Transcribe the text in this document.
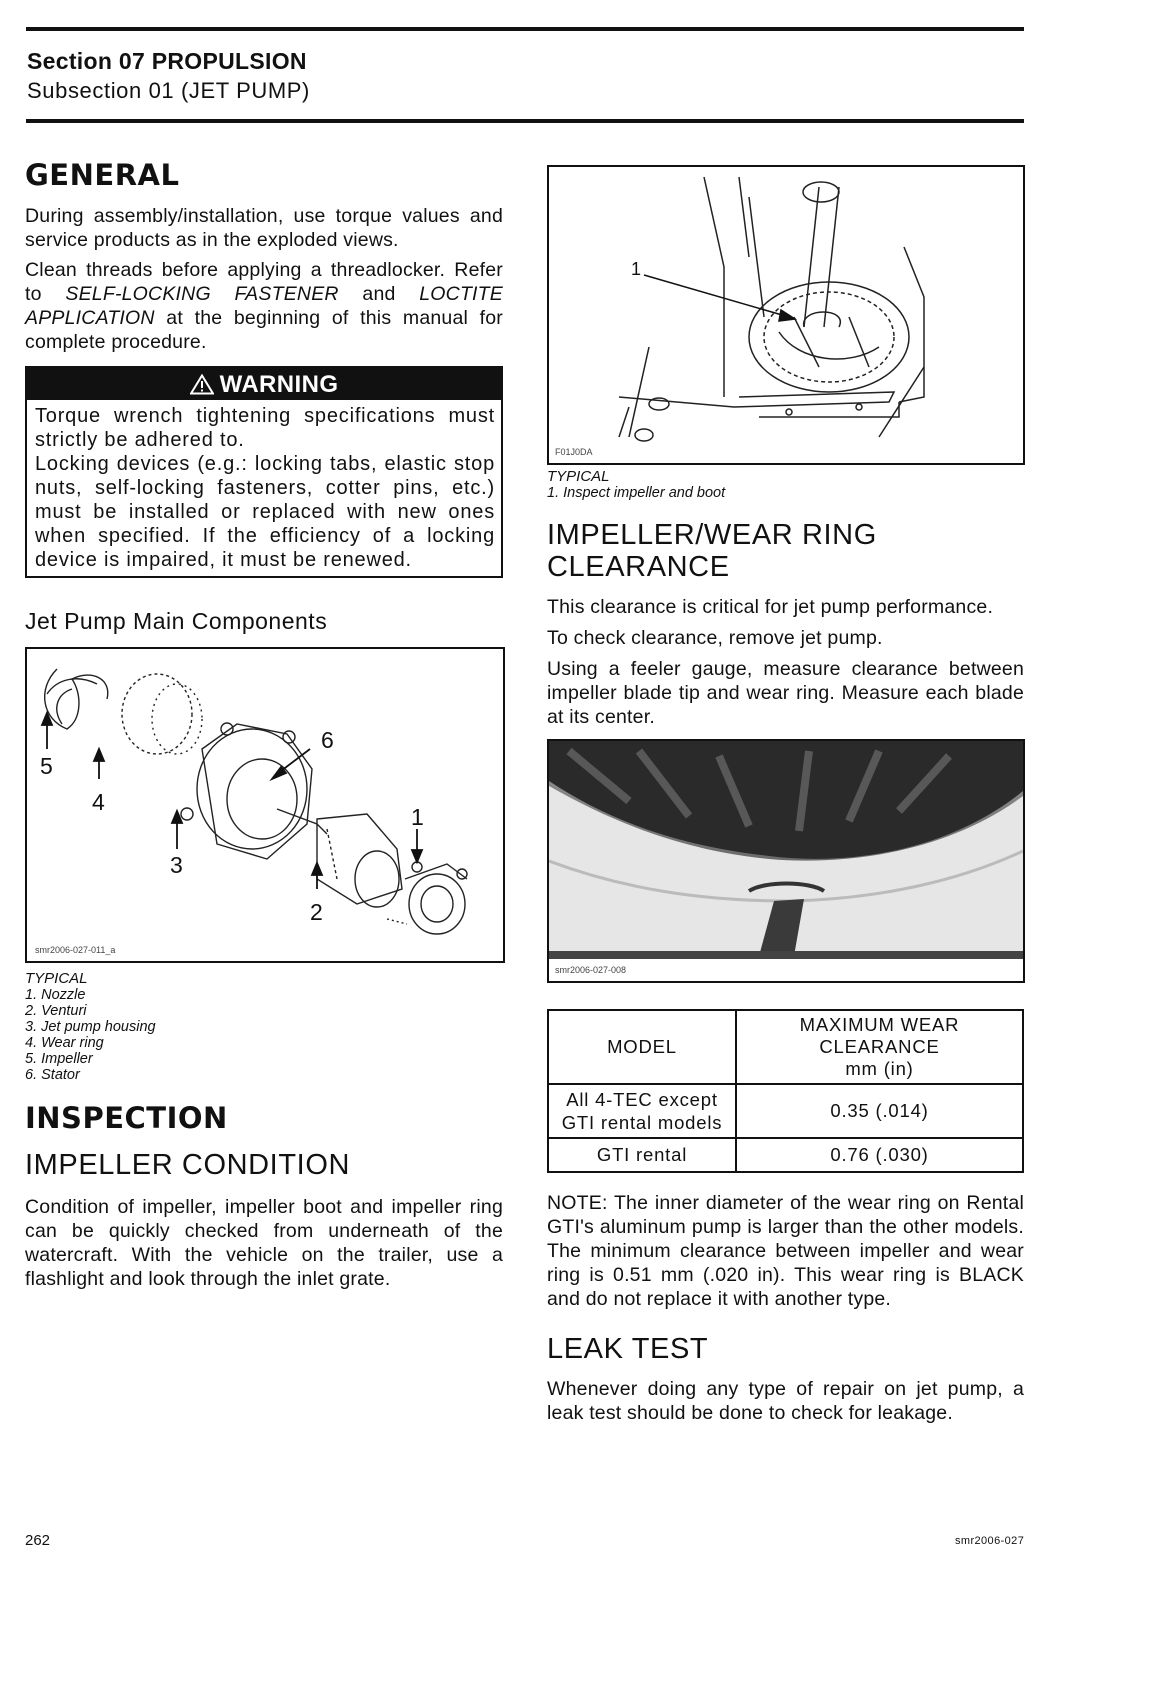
Section 07 PROPULSION
Subsection 01 (JET PUMP)
GENERAL

During assembly/installation, use torque values and service products as in the exploded views.

Clean threads before applying a threadlocker. Refer to SELF-LOCKING FASTENER and LOCTITE APPLICATION at the beginning of this manual for complete procedure.

WARNING
Torque wrench tightening specifications must strictly be adhered to.
Locking devices (e.g.: locking tabs, elastic stop nuts, self-locking fasteners, cotter pins, etc.) must be installed or replaced with new ones when specified. If the efficiency of a locking device is impaired, it must be renewed.
Jet Pump Main Components
1
2
3
4
5
6
smr2006-027-011_a
TYPICAL
1. Nozzle
2. Venturi
3. Jet pump housing
4. Wear ring
5. Impeller
6. Stator
INSPECTION
IMPELLER CONDITION

Condition of impeller, impeller boot and impeller ring can be quickly checked from underneath of the watercraft. With the vehicle on the trailer, use a flashlight and look through the inlet grate.

1
F01J0DA
TYPICAL
1. Inspect impeller and boot
IMPELLER/WEAR RING CLEARANCE

This clearance is critical for jet pump performance.

To check clearance, remove jet pump.

Using a feeler gauge, measure clearance between impeller blade tip and wear ring. Measure each blade at its center.

smr2006-027-008
MODEL	MAXIMUM WEAR
CLEARANCE
mm (in)

All 4-TEC except
GTI rental models	0.35 (.014)
GTI rental	0.76 (.030)

NOTE: The inner diameter of the wear ring on Rental GTI's aluminum pump is larger than the other models. The minimum clearance between impeller and wear ring is 0.51 mm (.020 in). This wear ring is BLACK and do not replace it with another type.

LEAK TEST

Whenever doing any type of repair on jet pump, a leak test should be done to check for leakage.

262	smr2006-027
